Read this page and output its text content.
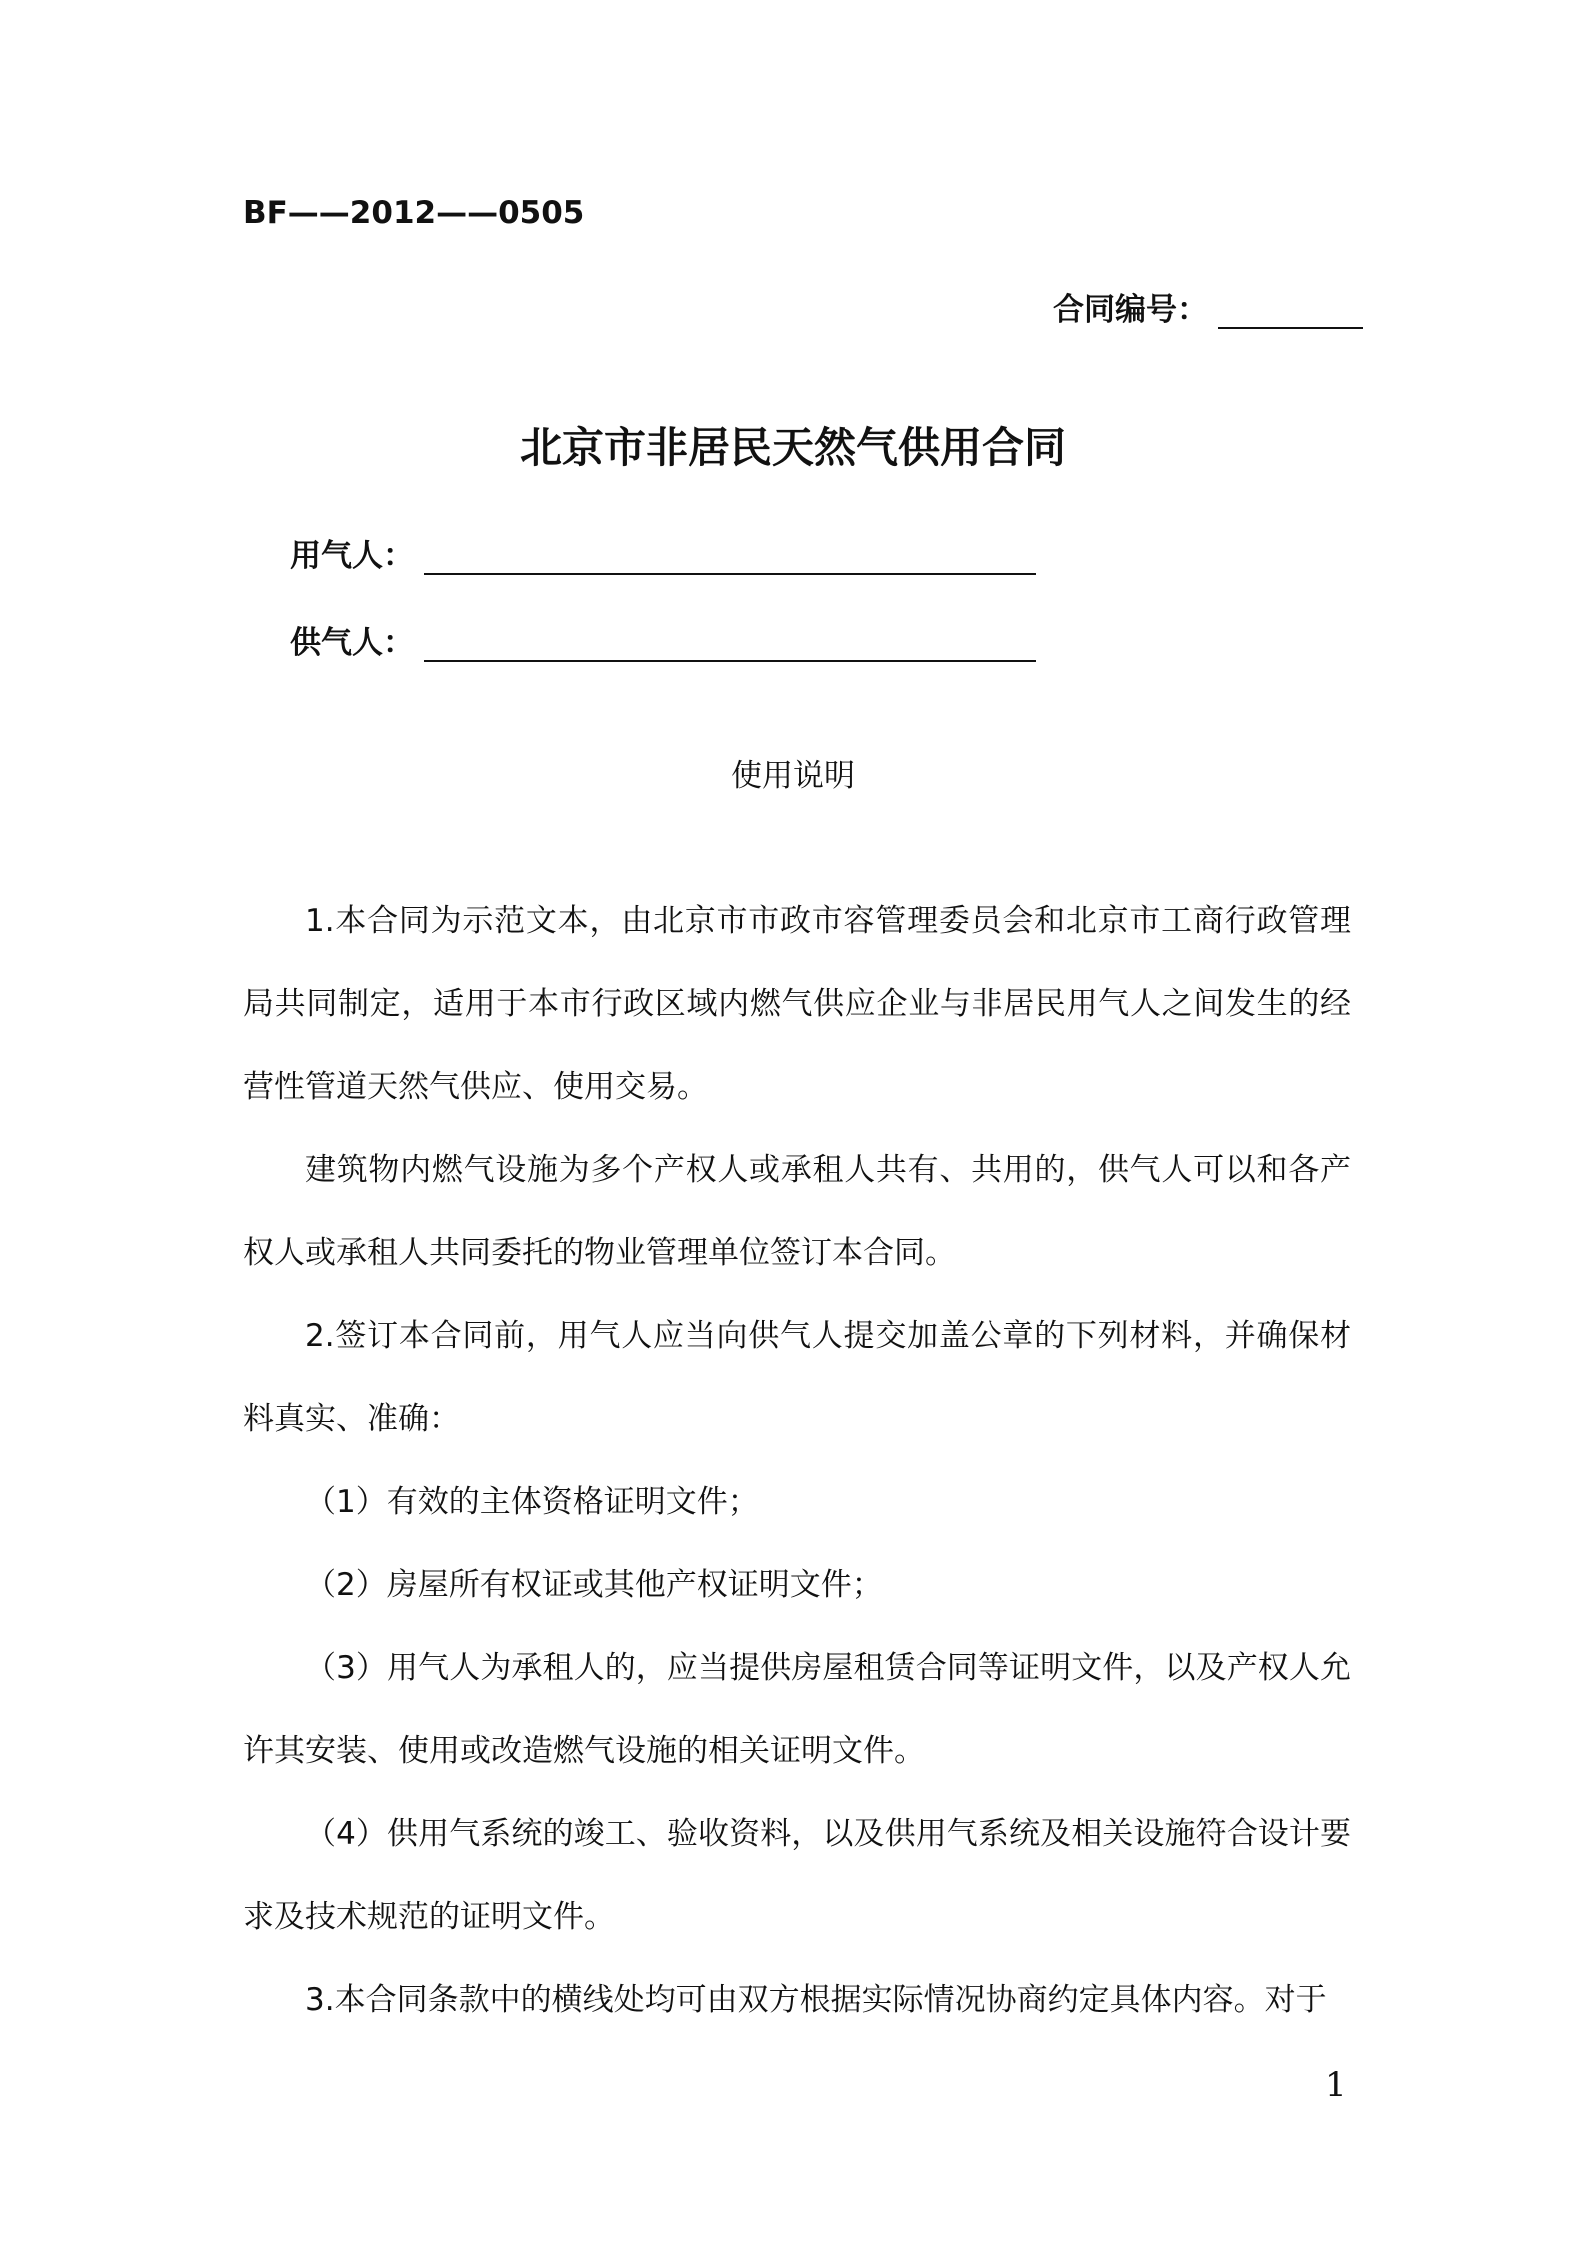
BF——2012——0505
合同编号：
北京市非居民天然气供用合同
用气人：
供气人：
使用说明

1.本合同为示范文本，由北京市市政市容管理委员会和北京市工商行政管理局共同制定，适用于本市行政区域内燃气供应企业与非居民用气人之间发生的经营性管道天然气供应、使用交易。

建筑物内燃气设施为多个产权人或承租人共有、共用的，供气人可以和各产权人或承租人共同委托的物业管理单位签订本合同。

2.签订本合同前，用气人应当向供气人提交加盖公章的下列材料，并确保材料真实、准确：

（1）有效的主体资格证明文件；

（2）房屋所有权证或其他产权证明文件；

（3）用气人为承租人的，应当提供房屋租赁合同等证明文件，以及产权人允许其安装、使用或改造燃气设施的相关证明文件。

（4）供用气系统的竣工、验收资料，以及供用气系统及相关设施符合设计要求及技术规范的证明文件。

3.本合同条款中的横线处均可由双方根据实际情况协商约定具体内容。对于

1
